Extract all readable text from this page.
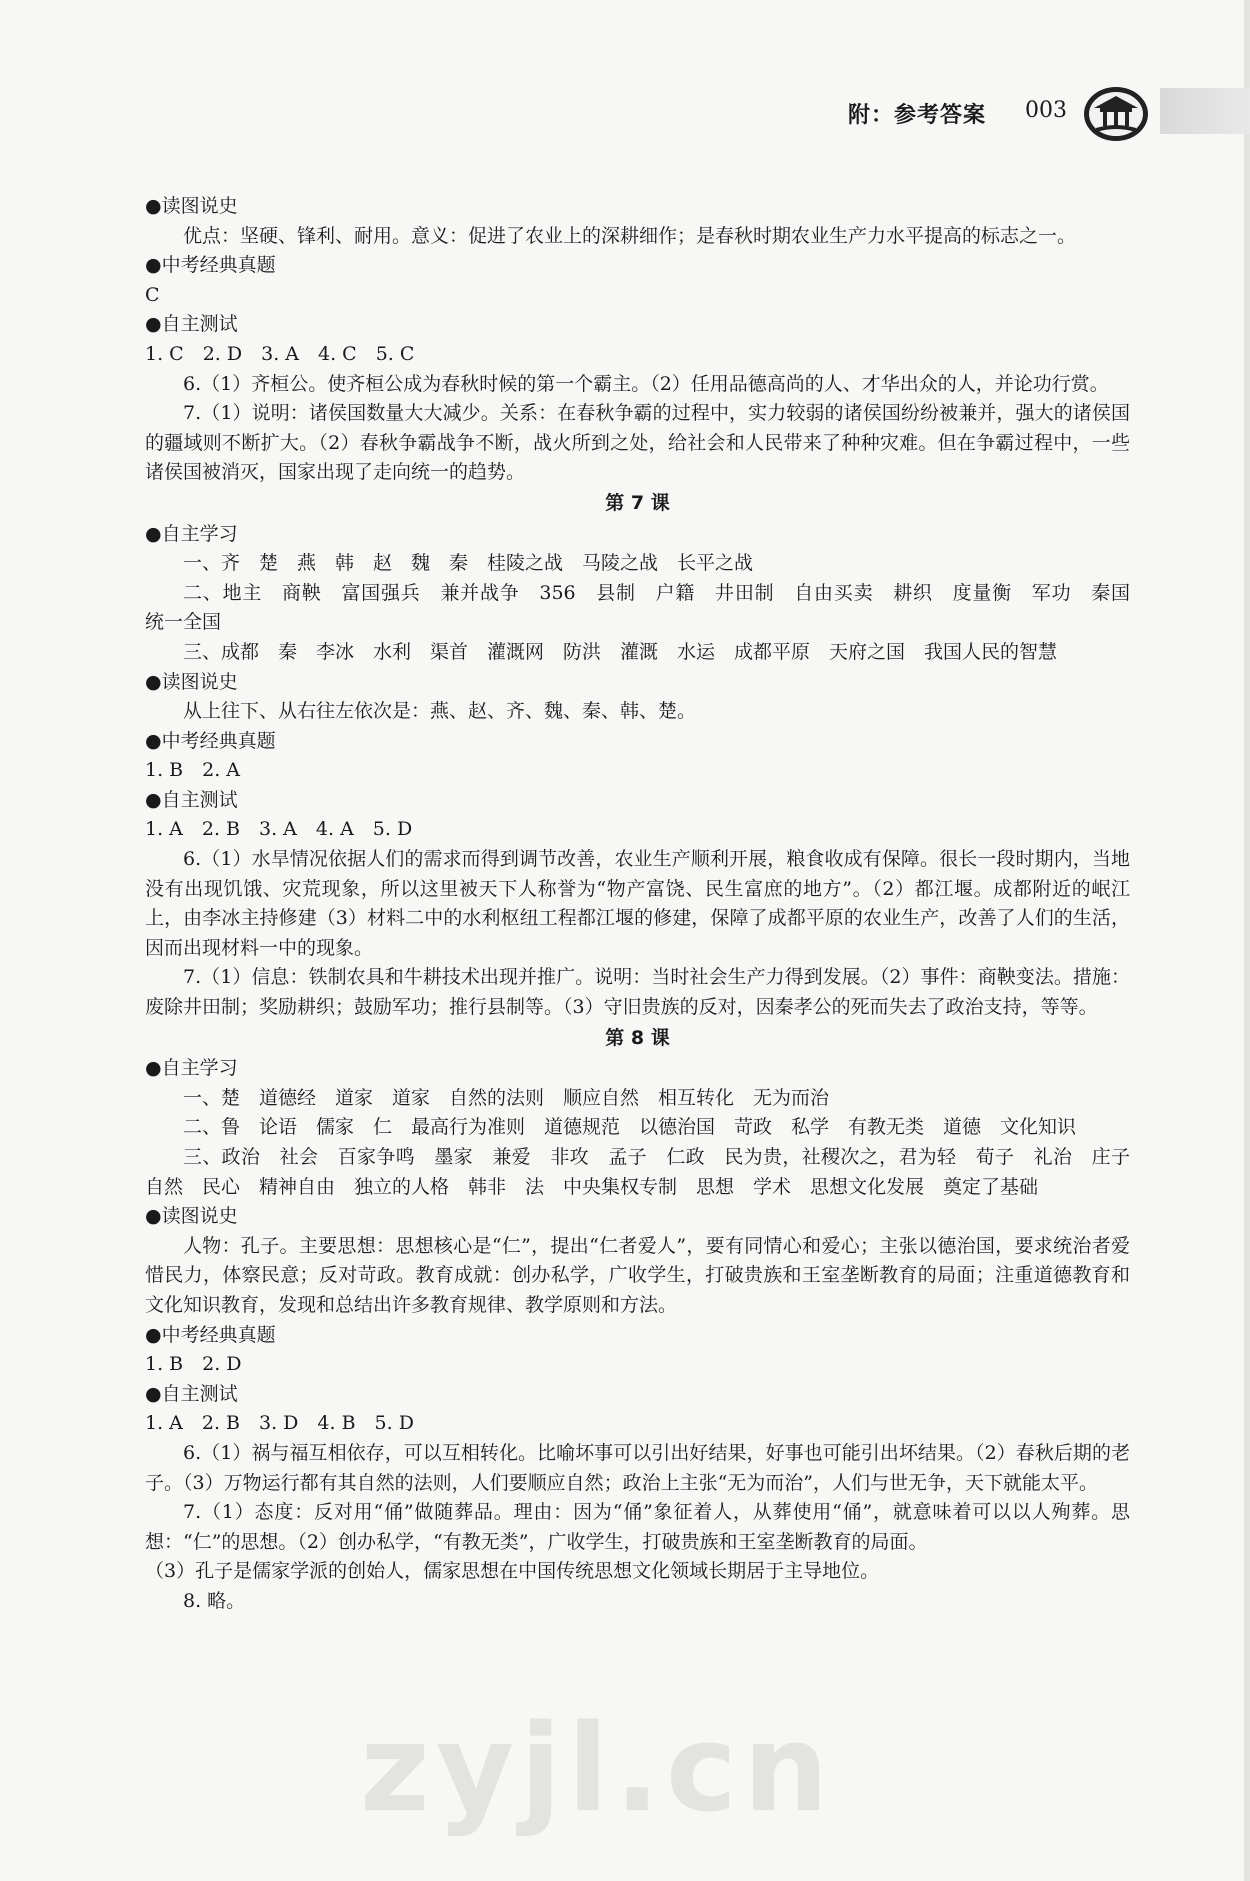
附：参考答案 003
● 读图说史
优点：坚硬、锋利、耐用。意义：促进了农业上的深耕细作；是春秋时期农业生产力水平提高的标志之一。
● 中考经典真题
C
● 自主测试
1. C　2. D　3. A　4. C　5. C
6.（1）齐桓公。使齐桓公成为春秋时候的第一个霸主。（2）任用品德高尚的人、才华出众的人，并论功行赏。
7.（1）说明：诸侯国数量大大减少。关系：在春秋争霸的过程中，实力较弱的诸侯国纷纷被兼并，强大的诸侯国的疆域则不断扩大。（2）春秋争霸战争不断，战火所到之处，给社会和人民带来了种种灾难。但在争霸过程中，一些诸侯国被消灭，国家出现了走向统一的趋势。
第 7 课
● 自主学习
一、齐　楚　燕　韩　赵　魏　秦　桂陵之战　马陵之战　长平之战
二、地主　商鞅　富国强兵　兼并战争　356　县制　户籍　井田制　自由买卖　耕织　度量衡　军功　秦国　统一全国
三、成都　秦　李冰　水利　渠首　灌溉网　防洪　灌溉　水运　成都平原　天府之国　我国人民的智慧
● 读图说史
从上往下、从右往左依次是：燕、赵、齐、魏、秦、韩、楚。
● 中考经典真题
1. B　2. A
● 自主测试
1. A　2. B　3. A　4. A　5. D
6.（1）水旱情况依据人们的需求而得到调节改善，农业生产顺利开展，粮食收成有保障。很长一段时期内，当地没有出现饥饿、灾荒现象，所以这里被天下人称誉为“物产富饶、民生富庶的地方”。（2）都江堰。成都附近的岷江上，由李冰主持修建（3）材料二中的水利枢纽工程都江堰的修建，保障了成都平原的农业生产，改善了人们的生活，因而出现材料一中的现象。
7.（1）信息：铁制农具和牛耕技术出现并推广。说明：当时社会生产力得到发展。（2）事件：商鞅变法。措施：废除井田制；奖励耕织；鼓励军功；推行县制等。（3）守旧贵族的反对，因秦孝公的死而失去了政治支持，等等。
第 8 课
● 自主学习
一、楚　道德经　道家　道家　自然的法则　顺应自然　相互转化　无为而治
二、鲁　论语　儒家　仁　最高行为准则　道德规范　以德治国　苛政　私学　有教无类　道德　文化知识
三、政治　社会　百家争鸣　墨家　兼爱　非攻　孟子　仁政　民为贵，社稷次之，君为轻　荀子　礼治　庄子　自然　民心　精神自由　独立的人格　韩非　法　中央集权专制　思想　学术　思想文化发展　奠定了基础
● 读图说史
人物：孔子。主要思想：思想核心是“仁”，提出“仁者爱人”，要有同情心和爱心；主张以德治国，要求统治者爱惜民力，体察民意；反对苛政。教育成就：创办私学，广收学生，打破贵族和王室垄断教育的局面；注重道德教育和文化知识教育，发现和总结出许多教育规律、教学原则和方法。
● 中考经典真题
1. B　2. D
● 自主测试
1. A　2. B　3. D　4. B　5. D
6.（1）祸与福互相依存，可以互相转化。比喻坏事可以引出好结果，好事也可能引出坏结果。（2）春秋后期的老子。（3）万物运行都有其自然的法则，人们要顺应自然；政治上主张“无为而治”，人们与世无争，天下就能太平。
7.（1）态度：反对用“俑”做随葬品。理由：因为“俑”象征着人，从葬使用“俑”，就意味着可以以人殉葬。思想：“仁”的思想。（2）创办私学，“有教无类”，广收学生，打破贵族和王室垄断教育的局面。
（3）孔子是儒家学派的创始人，儒家思想在中国传统思想文化领域长期居于主导地位。
8. 略。
zyjl.cn
